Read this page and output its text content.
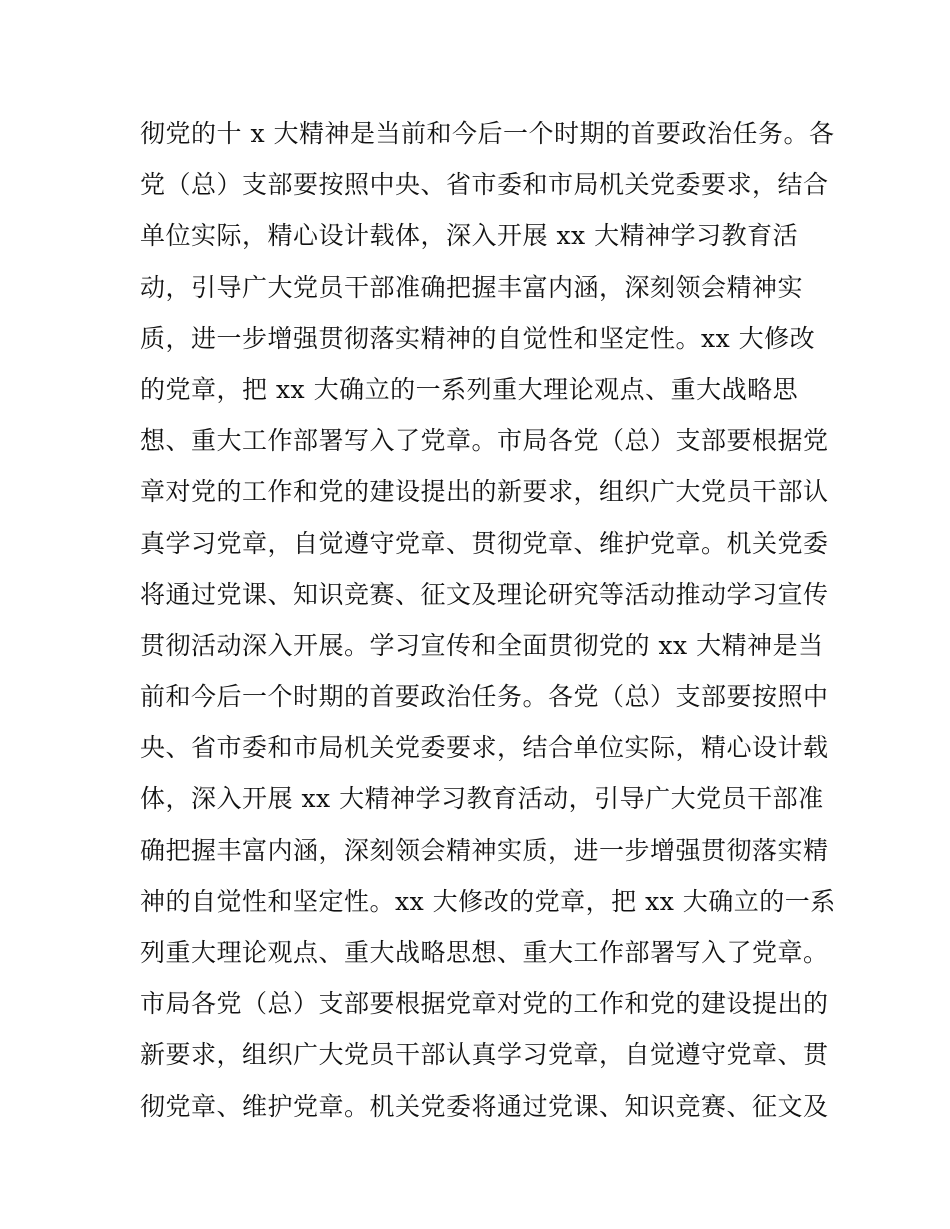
彻党的十 x 大精神是当前和今后一个时期的首要政治任务。各
党（总）支部要按照中央、省市委和市局机关党委要求，结合
单位实际，精心设计载体，深入开展 xx 大精神学习教育活
动，引导广大党员干部准确把握丰富内涵，深刻领会精神实
质，进一步增强贯彻落实精神的自觉性和坚定性。xx 大修改
的党章，把 xx 大确立的一系列重大理论观点、重大战略思
想、重大工作部署写入了党章。市局各党（总）支部要根据党
章对党的工作和党的建设提出的新要求，组织广大党员干部认
真学习党章，自觉遵守党章、贯彻党章、维护党章。机关党委
将通过党课、知识竞赛、征文及理论研究等活动推动学习宣传
贯彻活动深入开展。学习宣传和全面贯彻党的 xx 大精神是当
前和今后一个时期的首要政治任务。各党（总）支部要按照中
央、省市委和市局机关党委要求，结合单位实际，精心设计载
体，深入开展 xx 大精神学习教育活动，引导广大党员干部准
确把握丰富内涵，深刻领会精神实质，进一步增强贯彻落实精
神的自觉性和坚定性。xx 大修改的党章，把 xx 大确立的一系
列重大理论观点、重大战略思想、重大工作部署写入了党章。
市局各党（总）支部要根据党章对党的工作和党的建设提出的
新要求，组织广大党员干部认真学习党章，自觉遵守党章、贯
彻党章、维护党章。机关党委将通过党课、知识竞赛、征文及
